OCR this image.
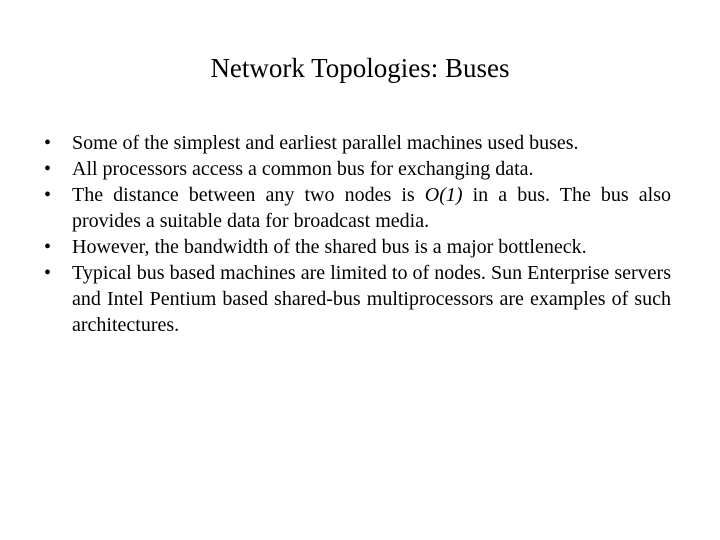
Network Topologies: Buses
•	Some of the simplest and earliest parallel machines used buses.
•	All processors access a common bus for exchanging data.
•	The distance between any two nodes is O(1) in a bus. The bus also provides a suitable data for broadcast media.
•	However, the bandwidth of the shared bus is a major bottleneck.
•	Typical bus based machines are limited to of nodes. Sun Enterprise servers and Intel Pentium based shared-bus multiprocessors are examples of such architectures.
